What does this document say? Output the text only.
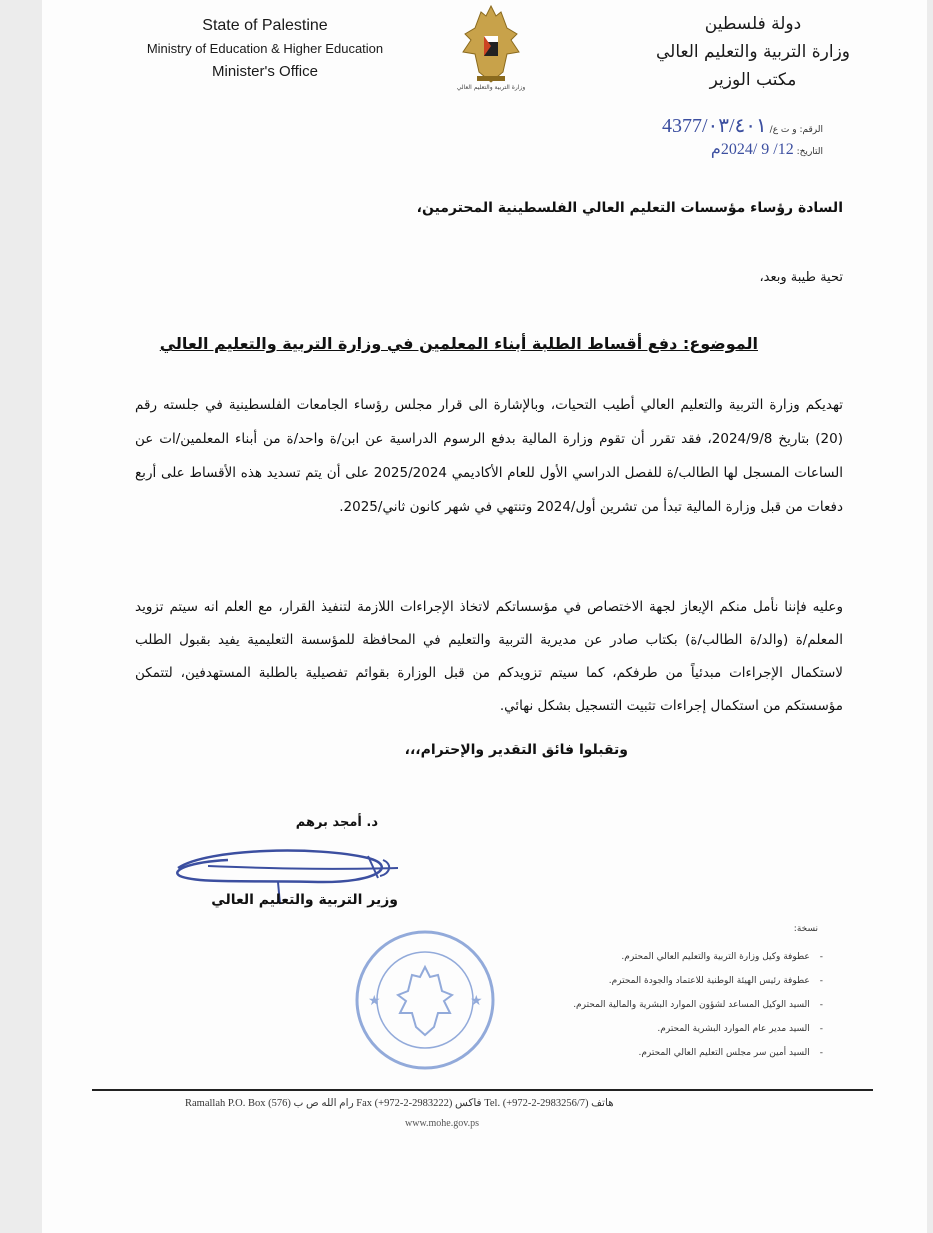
State of Palestine
Ministry of Education & Higher Education
Minister's Office
وزارة التربية والتعليم العالي
دولة فلسطين
وزارة التربية والتعليم العالي
مكتب الوزير
الرقم: و ت ع/ 4377/٠٣/٤٠١
التاريخ: 12/ 9 /2024م
السادة رؤساء مؤسسات التعليم العالي الفلسطينية المحترمين،
تحية طيبة وبعد،
الموضوع: دفع أقساط الطلبة أبناء المعلمين في وزارة التربية والتعليم العالي
تهديكم وزارة التربية والتعليم العالي أطيب التحيات، وبالإشارة الى قرار مجلس رؤساء الجامعات الفلسطينية في جلسته رقم (20) بتاريخ 2024/9/8، فقد تقرر أن تقوم وزارة المالية بدفع الرسوم الدراسية عن ابن/ة واحد/ة من أبناء المعلمين/ات عن الساعات المسجل لها الطالب/ة للفصل الدراسي الأول للعام الأكاديمي 2025/2024 على أن يتم تسديد هذه الأقساط على أربع دفعات من قبل وزارة المالية تبدأ من تشرين أول/2024 وتنتهي في شهر كانون ثاني/2025.
وعليه فإننا نأمل منكم الإيعاز لجهة الاختصاص في مؤسساتكم لاتخاذ الإجراءات اللازمة لتنفيذ القرار، مع العلم انه سيتم تزويد المعلم/ة (والد/ة الطالب/ة) بكتاب صادر عن مديرية التربية والتعليم في المحافظة للمؤسسة التعليمية يفيد بقبول الطلب لاستكمال الإجراءات مبدئياً من طرفكم، كما سيتم تزويدكم من قبل الوزارة بقوائم تفصيلية بالطلبة المستهدفين، لتتمكن مؤسستكم من استكمال إجراءات تثبيت التسجيل بشكل نهائي.
وتقبلوا فائق التقدير والإحترام،،،
د. أمجد برهم
وزير التربية والتعليم العالي
★	★
نسخة:
-عطوفة وكيل وزارة التربية والتعليم العالي المحترم.
-عطوفة رئيس الهيئة الوطنية للاعتماد والجودة المحترم.
-السيد الوكيل المساعد لشؤون الموارد البشرية والمالية المحترم.
-السيد مدير عام الموارد البشرية المحترم.
-السيد أمين سر مجلس التعليم العالي المحترم.
Ramallah P.O. Box (576) رام الله ص ب Fax (+972-2-2983222) فاكس Tel. (+972-2-2983256/7) هاتف
www.mohe.gov.ps
